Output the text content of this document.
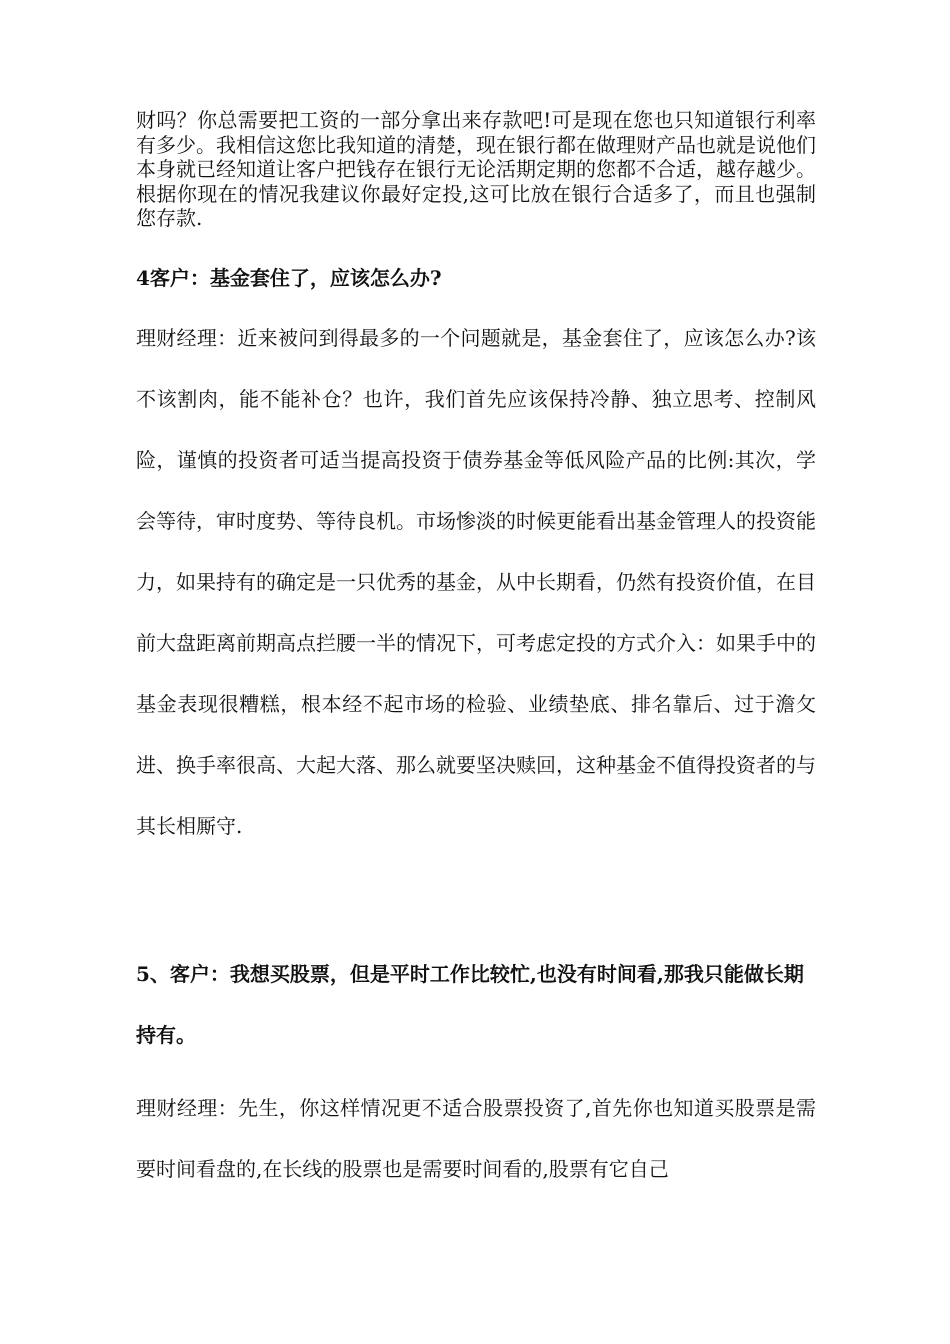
财吗？你总需要把工资的一部分拿出来存款吧!可是现在您也只知道银行利率有多少。我相信这您比我知道的清楚，现在银行都在做理财产品也就是说他们本身就已经知道让客户把钱存在银行无论活期定期的您都不合适，越存越少。根据你现在的情况我建议你最好定投,这可比放在银行合适多了，而且也强制您存款.

4客户：基金套住了，应该怎么办?

理财经理：近来被问到得最多的一个问题就是，基金套住了，应该怎么办?该不该割肉，能不能补仓？也许，我们首先应该保持冷静、独立思考、控制风险，谨慎的投资者可适当提高投资于债券基金等低风险产品的比例:其次，学会等待，审时度势、等待良机。市场惨淡的时候更能看出基金管理人的投资能力，如果持有的确定是一只优秀的基金，从中长期看，仍然有投资价值，在目前大盘距离前期高点拦腰一半的情况下，可考虑定投的方式介入：如果手中的基金表现很糟糕，根本经不起市场的检验、业绩垫底、排名靠后、过于澹攵进、换手率很高、大起大落、那么就要坚决赎回，这种基金不值得投资者的与其长相厮守.

5、客户：我想买股票，但是平时工作比较忙,也没有时间看,那我只能做长期持有。

理财经理：先生，你这样情况更不适合股票投资了,首先你也知道买股票是需要时间看盘的,在长线的股票也是需要时间看的,股票有它自己
